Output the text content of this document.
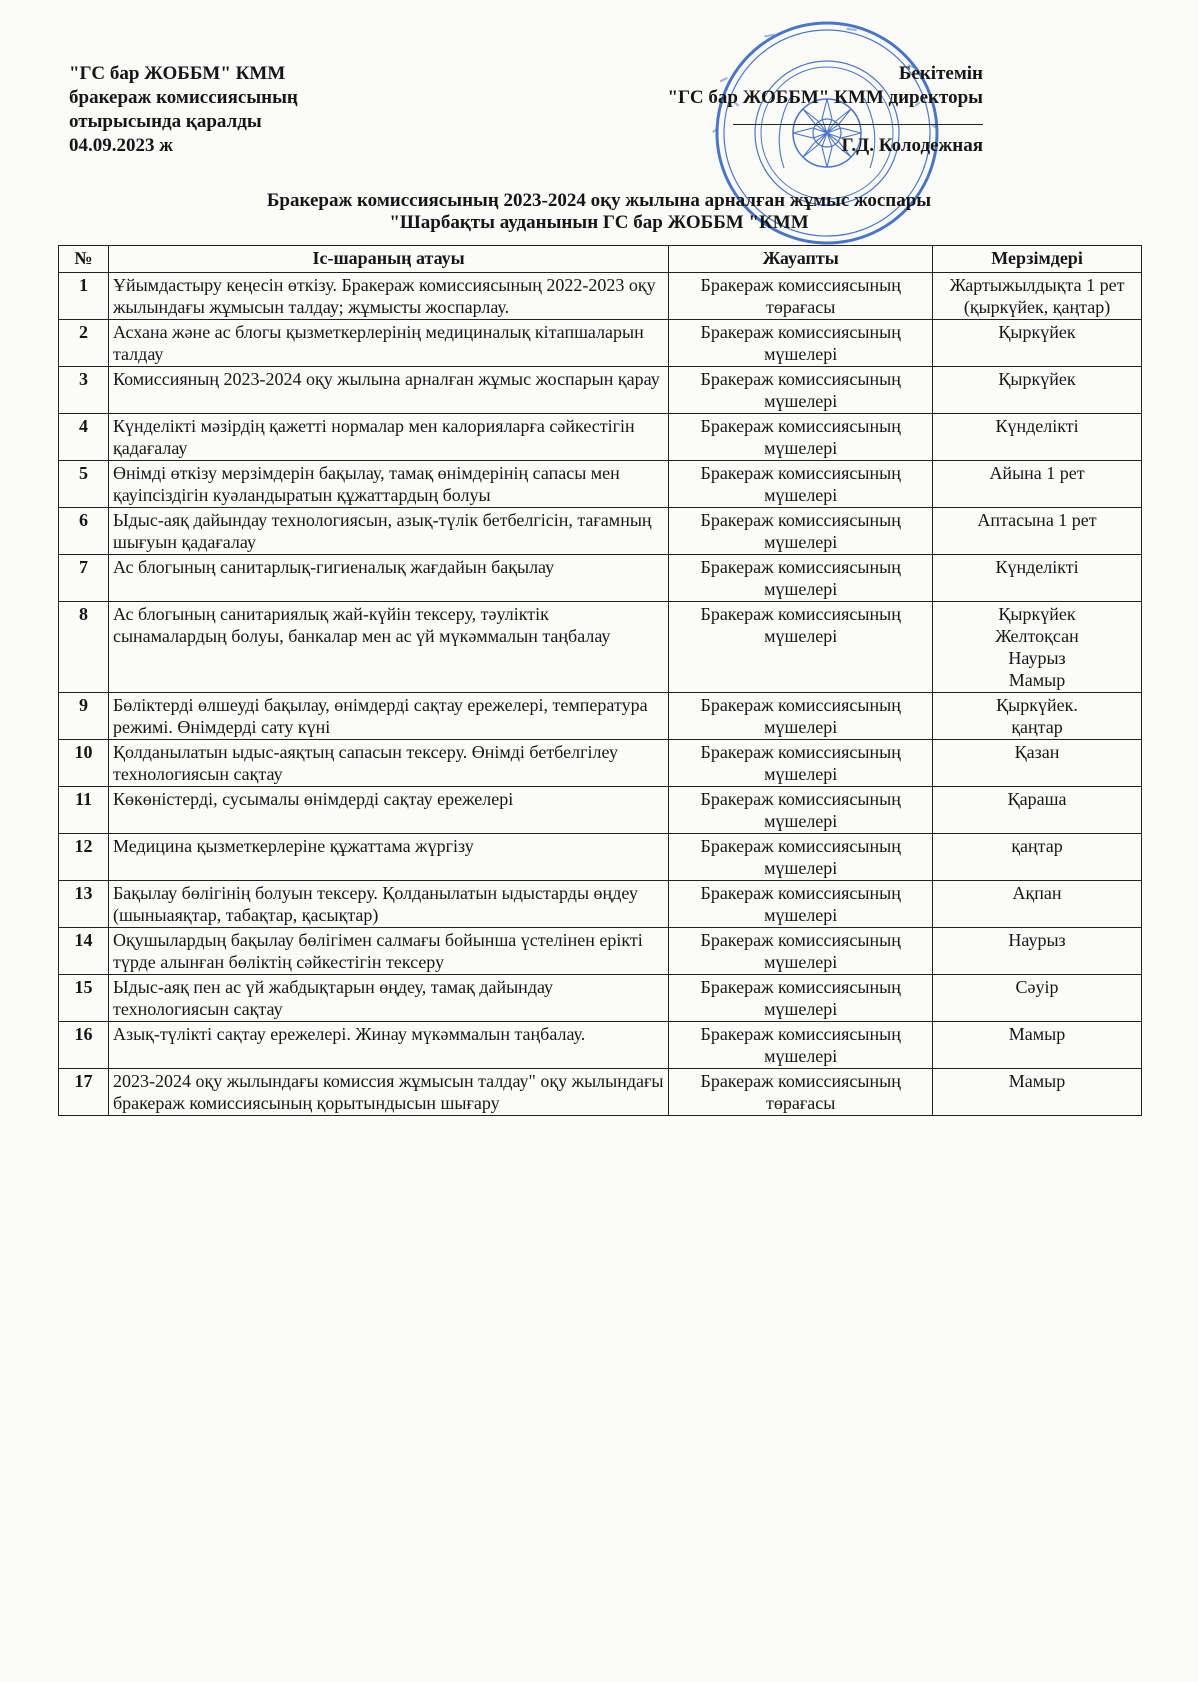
"ГС бар ЖОББМ" КММ
бракераж комиссиясының
отырысында қаралды
04.09.2023 ж
Бекітемін
"ГС бар ЖОББМ" КММ директоры
Г.Д. Колодежная
Бракераж комиссиясының 2023-2024 оқу жылына арналған жұмыс жоспары
"Шарбақты ауданынын ГС бар ЖОББМ "КММ
№	Іс-шараның атауы	Жауапты	Мерзімдері
1	Ұйымдастыру кеңесін өткізу. Бракераж комиссиясының 2022-2023 оқу жылындағы жұмысын талдау; жұмысты жоспарлау.	Бракераж комиссиясының төрағасы	Жартыжылдықта 1 рет (қыркүйек, қаңтар)

2	Асхана және ас блогы қызметкерлерінің медициналық кітапшаларын талдау	Бракераж комиссиясының мүшелері	Қыркүйек

3	Комиссияның 2023-2024 оқу жылына арналған жұмыс жоспарын қарау	Бракераж комиссиясының мүшелері	Қыркүйек

4	Күнделікті мәзірдің қажетті нормалар мен калорияларға сәйкестігін қадағалау	Бракераж комиссиясының мүшелері	Күнделікті

5	Өнімді өткізу мерзімдерін бақылау, тамақ өнімдерінің сапасы мен қауіпсіздігін куәландыратын құжаттардың болуы	Бракераж комиссиясының мүшелері	Айына 1 рет

6	Ыдыс-аяқ дайындау технологиясын, азық-түлік бетбелгісін, тағамның шығуын қадағалау	Бракераж комиссиясының мүшелері	Аптасына 1 рет

7	Ас блогының санитарлық-гигиеналық жағдайын бақылау	Бракераж комиссиясының мүшелері	Күнделікті

8	Ас блогының санитариялық жай-күйін тексеру, тәуліктік сынамалардың болуы, банкалар мен ас үй мүкәммалын таңбалау	Бракераж комиссиясының мүшелері	Қыркүйек
Желтоқсан
Наурыз
Мамыр

9	Бөліктерді өлшеуді бақылау, өнімдерді сақтау ережелері, температура режимі. Өнімдерді сату күні	Бракераж комиссиясының мүшелері	Қыркүйек.
қаңтар

10	Қолданылатын ыдыс-аяқтың сапасын тексеру. Өнімді бетбелгілеу технологиясын сақтау	Бракераж комиссиясының мүшелері	Қазан

11	Көкөністерді, сусымалы өнімдерді сақтау ережелері	Бракераж комиссиясының мүшелері	Қараша

12	Медицина қызметкерлеріне құжаттама жүргізу	Бракераж комиссиясының мүшелері	қаңтар

13	Бақылау бөлігінің болуын тексеру. Қолданылатын ыдыстарды өңдеу (шыныаяқтар, табақтар, қасықтар)	Бракераж комиссиясының мүшелері	Ақпан

14	Оқушылардың бақылау бөлігімен салмағы бойынша үстелінен ерікті түрде алынған бөліктің сәйкестігін тексеру	Бракераж комиссиясының мүшелері	Наурыз

15	Ыдыс-аяқ пен ас үй жабдықтарын өңдеу, тамақ дайындау технологиясын сақтау	Бракераж комиссиясының мүшелері	Сәуір

16	Азық-түлікті сақтау ережелері. Жинау мүкәммалын таңбалау.	Бракераж комиссиясының мүшелері	Мамыр

17	2023-2024 оқу жылындағы комиссия жұмысын талдау" оқу жылындағы бракераж комиссиясының қорытындысын шығару	Бракераж комиссиясының төрағасы	Мамыр
